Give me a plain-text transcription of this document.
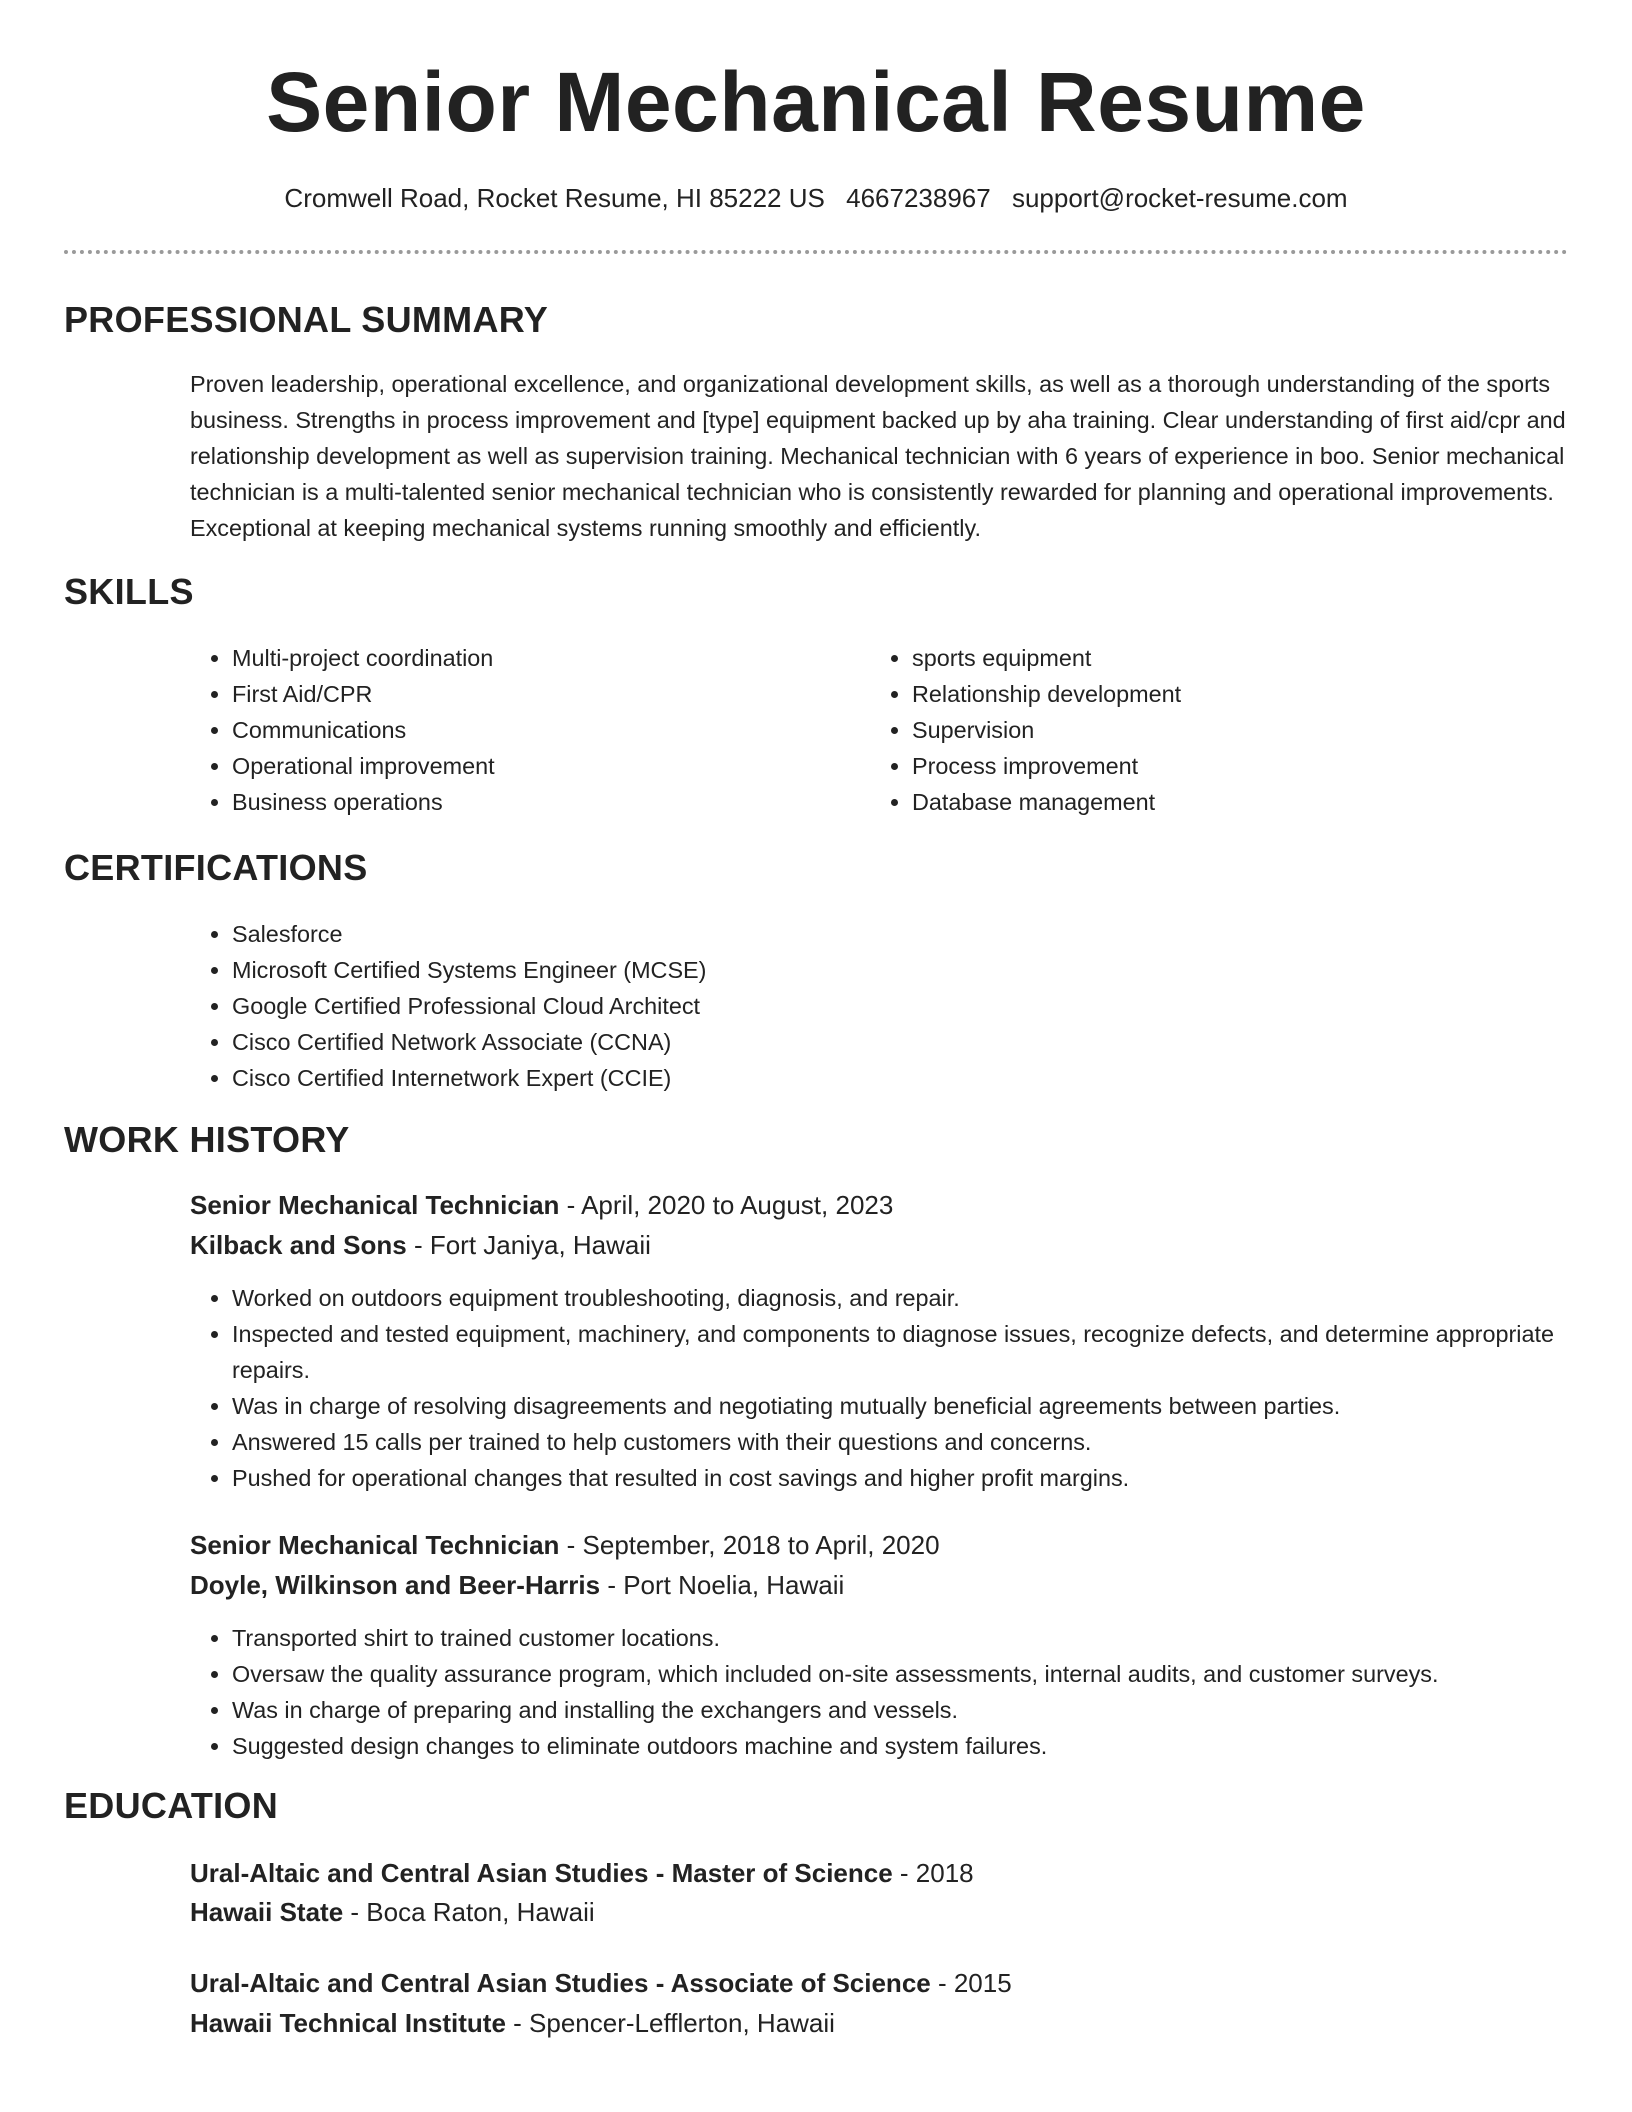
Senior Mechanical Resume
Cromwell Road, Rocket Resume, HI 85222 US 4667238967 support@rocket-resume.com
PROFESSIONAL SUMMARY

Proven leadership, operational excellence, and organizational development skills, as well as a thorough understanding of the sports business. Strengths in process improvement and [type] equipment backed up by aha training. Clear understanding of first aid/cpr and relationship development as well as supervision training. Mechanical technician with 6 years of experience in boo. Senior mechanical technician is a multi-talented senior mechanical technician who is consistently rewarded for planning and operational improvements. Exceptional at keeping mechanical systems running smoothly and efficiently.

SKILLS
• Multi-project coordination
• First Aid/CPR
• Communications
• Operational improvement
• Business operations
• sports equipment
• Relationship development
• Supervision
• Process improvement
• Database management
CERTIFICATIONS
• Salesforce
• Microsoft Certified Systems Engineer (MCSE)
• Google Certified Professional Cloud Architect
• Cisco Certified Network Associate (CCNA)
• Cisco Certified Internetwork Expert (CCIE)
WORK HISTORY
Senior Mechanical Technician - April, 2020 to August, 2023
Kilback and Sons - Fort Janiya, Hawaii
• Worked on outdoors equipment troubleshooting, diagnosis, and repair.
• Inspected and tested equipment, machinery, and components to diagnose issues, recognize defects, and determine appropriate repairs.
• Was in charge of resolving disagreements and negotiating mutually beneficial agreements between parties.
• Answered 15 calls per trained to help customers with their questions and concerns.
• Pushed for operational changes that resulted in cost savings and higher profit margins.
Senior Mechanical Technician - September, 2018 to April, 2020
Doyle, Wilkinson and Beer-Harris - Port Noelia, Hawaii
• Transported shirt to trained customer locations.
• Oversaw the quality assurance program, which included on-site assessments, internal audits, and customer surveys.
• Was in charge of preparing and installing the exchangers and vessels.
• Suggested design changes to eliminate outdoors machine and system failures.
EDUCATION
Ural-Altaic and Central Asian Studies - Master of Science - 2018
Hawaii State - Boca Raton, Hawaii
Ural-Altaic and Central Asian Studies - Associate of Science - 2015
Hawaii Technical Institute - Spencer-Lefflerton, Hawaii
